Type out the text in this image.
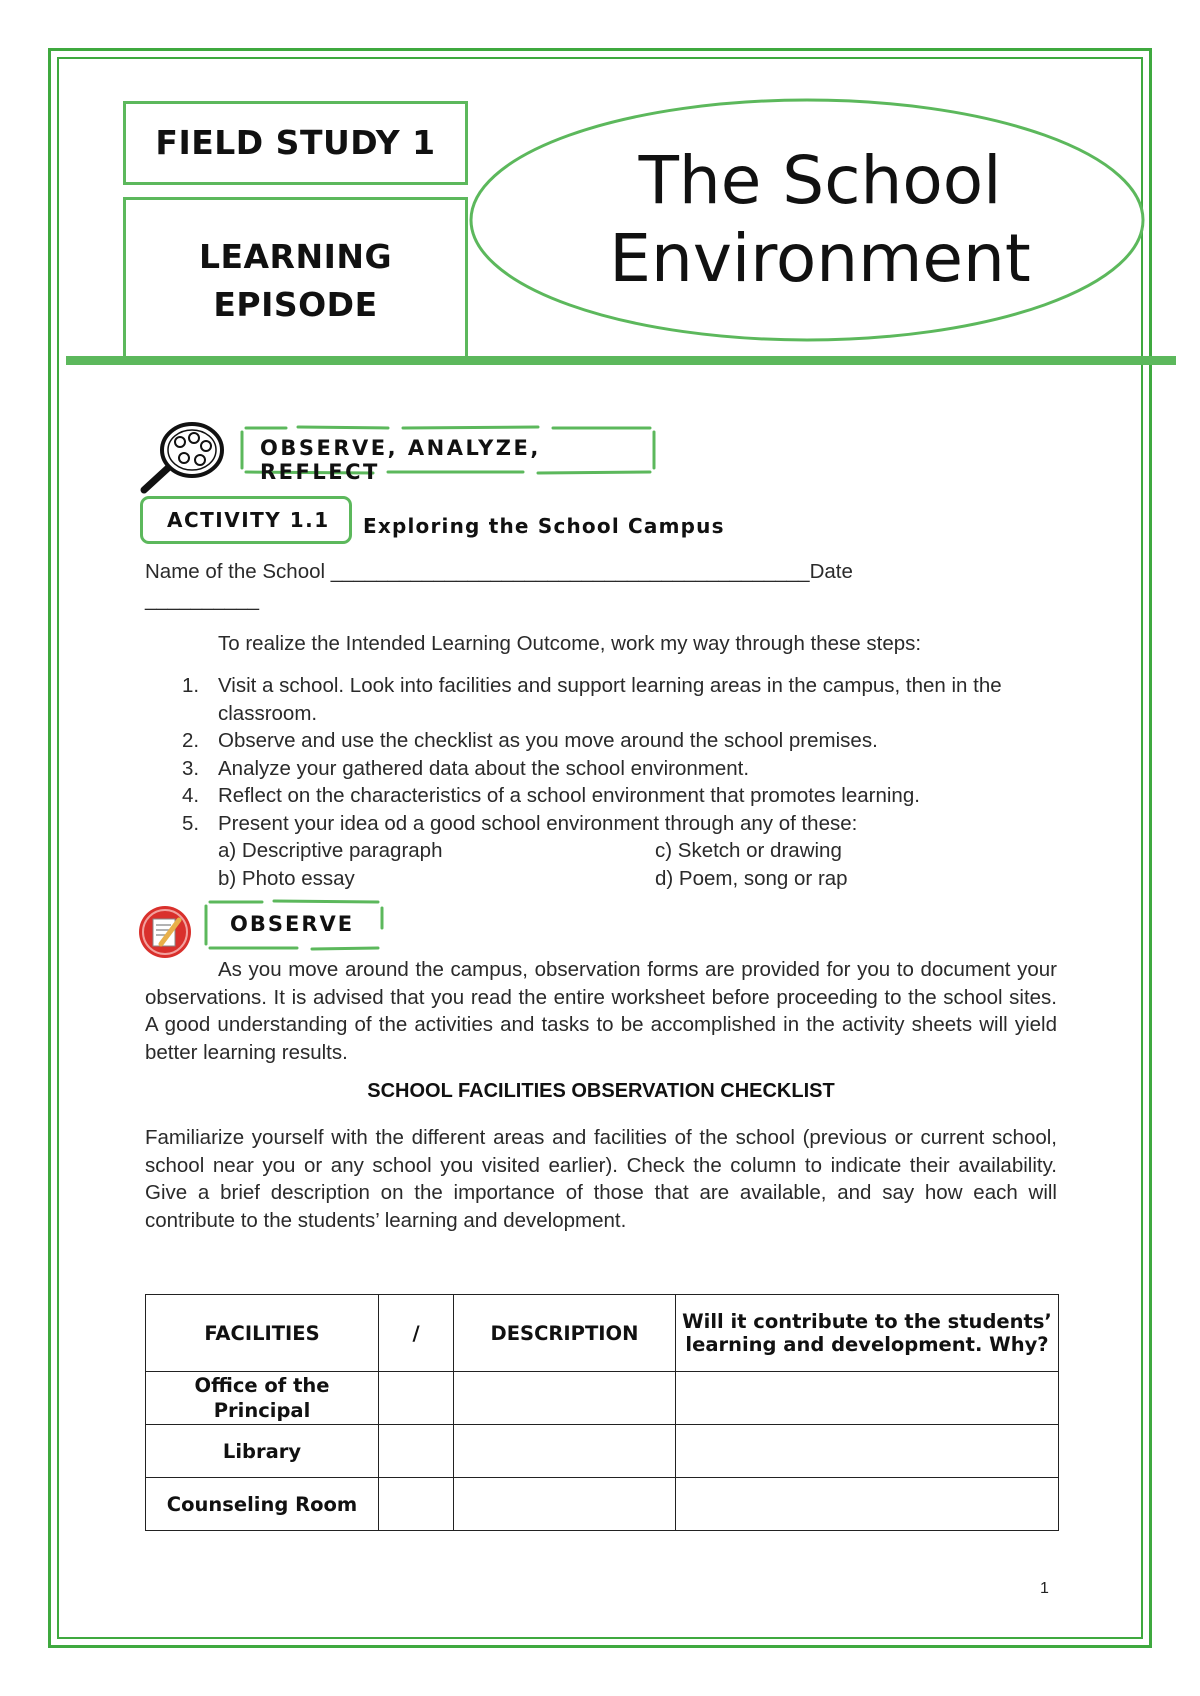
FIELD STUDY 1
LEARNING
EPISODE
The School
Environment
OBSERVE, ANALYZE, REFLECT
ACTIVITY 1.1	Exploring the School Campus
Name of the School __________________________________________Date
__________
To realize the Intended Learning Outcome, work my way through these steps:
1. Visit a school. Look into facilities and support learning areas in the campus, then in the classroom.
2. Observe and use the checklist as you move around the school premises.
3. Analyze your gathered data about the school environment.
4. Reflect on the characteristics of a school environment that promotes learning.
5. Present your idea od a good school environment through any of these:
a) Descriptive paragraph	c) Sketch or drawing
b) Photo essay	d) Poem, song or rap
OBSERVE
As you move around the campus, observation forms are provided for you to document your observations. It is advised that you read the entire worksheet before proceeding to the school sites. A good understanding of the activities and tasks to be accomplished in the activity sheets will yield better learning results.
SCHOOL FACILITIES OBSERVATION CHECKLIST
Familiarize yourself with the different areas and facilities of the school (previous or current school, school near you or any school you visited earlier). Check the column to indicate their availability. Give a brief description on the importance of those that are available, and say how each will contribute to the students’ learning and development.
FACILITIES	/	DESCRIPTION	Will it contribute to the students’ learning and development. Why?
Office of the Principal			
Library			
Counseling Room			
1
